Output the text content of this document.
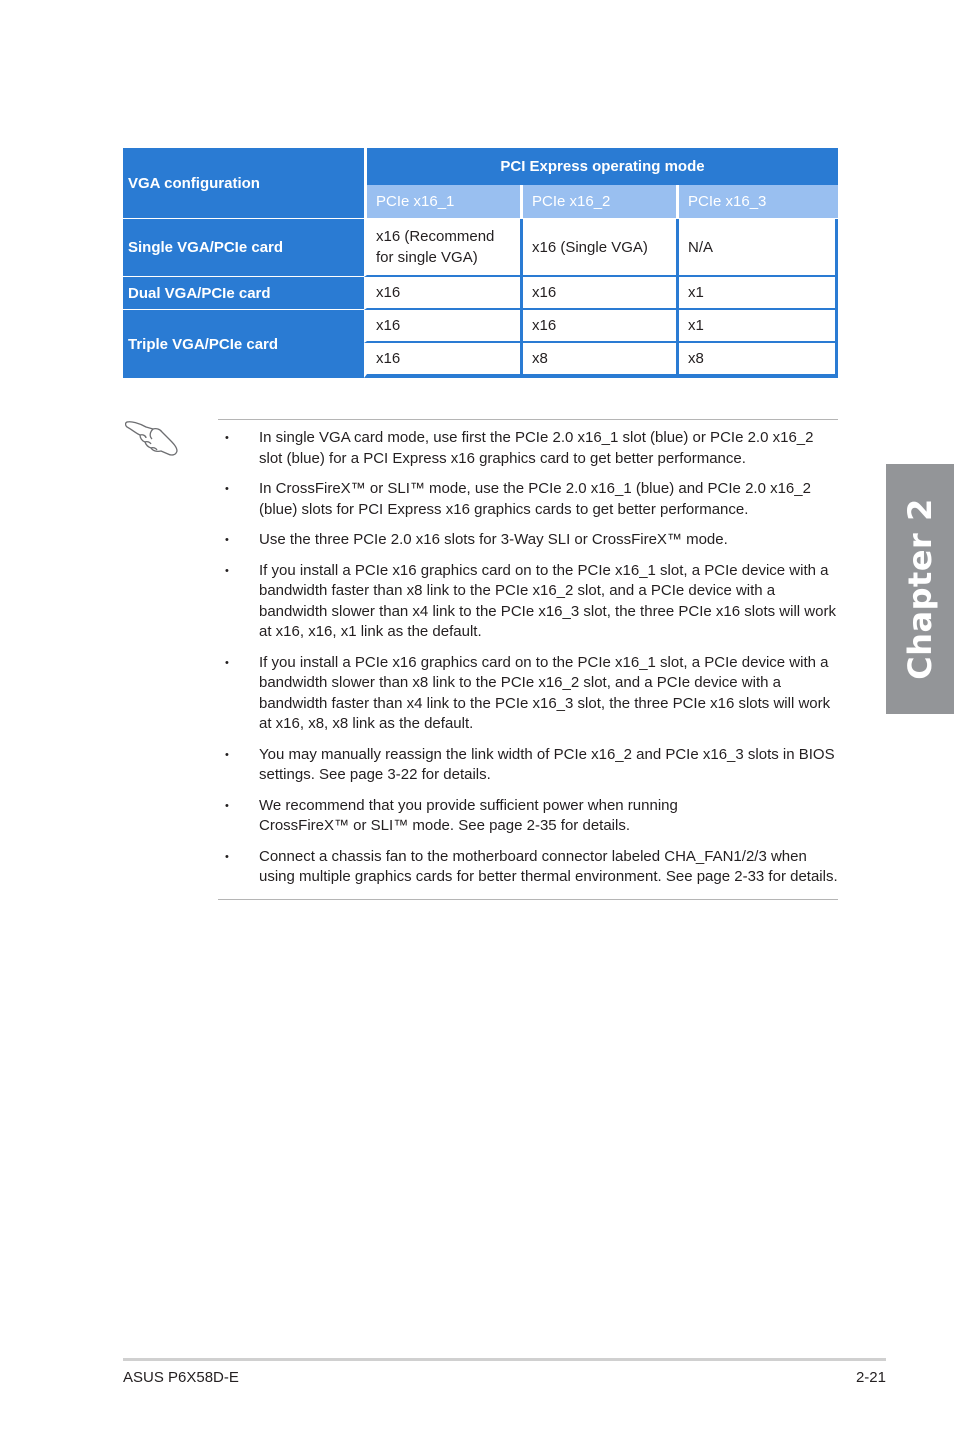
VGA configuration	PCI Express operating mode		
	PCIe x16_1	PCIe x16_2	PCIe x16_3
Single VGA/PCIe card	x16 (Recommend for single VGA)	x16 (Single VGA)	N/A
Dual VGA/PCIe card	x16	x16	x1
Triple VGA/PCIe card	x16	x16	x1
	x16	x8	x8
• In single VGA card mode, use first the PCIe 2.0 x16_1 slot (blue) or PCIe 2.0 x16_2 slot (blue) for a PCI Express x16 graphics card to get better performance.
• In CrossFireX™ or SLI™ mode, use the PCIe 2.0 x16_1 (blue) and PCIe 2.0 x16_2 (blue) slots for PCI Express x16 graphics cards to get better performance.
• Use the three PCIe 2.0 x16 slots for 3-Way SLI or CrossFireX™ mode.
• If you install a PCIe x16 graphics card on to the PCIe x16_1 slot, a PCIe device with a bandwidth faster than x8 link to the PCIe x16_2 slot, and a PCIe device with a bandwidth slower than x4 link to the PCIe x16_3 slot, the three PCIe x16 slots will work at x16, x16, x1 link as the default.
• If you install a PCIe x16 graphics card on to the PCIe x16_1 slot, a PCIe device with a bandwidth slower than x8 link to the PCIe x16_2 slot, and a PCIe device with a bandwidth faster than x4 link to the PCIe x16_3 slot, the three PCIe x16 slots will work at x16, x8, x8 link as the default.
• You may manually reassign the link width of PCIe x16_2 and PCIe x16_3 slots in BIOS settings. See page 3-22 for details.
• We recommend that you provide sufficient power when running CrossFireX™ or SLI™ mode. See page 2-35 for details.
• Connect a chassis fan to the motherboard connector labeled CHA_FAN1/2/3 when using multiple graphics cards for better thermal environment. See page 2-33 for details.
Chapter 2
ASUS P6X58D-E	2-21
